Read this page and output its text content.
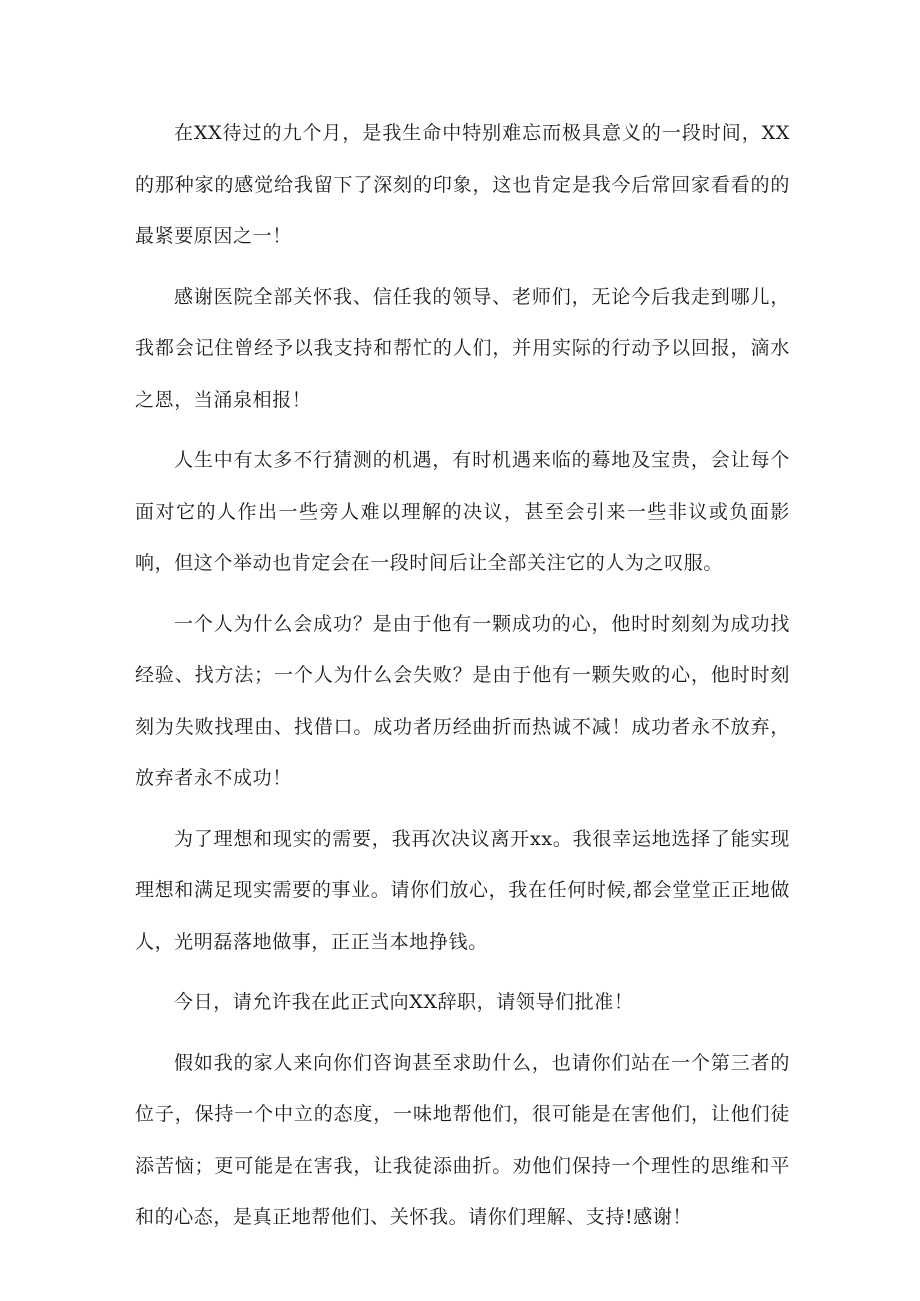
在XX待过的九个月，是我生命中特别难忘而极具意义的一段时间，XX的那种家的感觉给我留下了深刻的印象，这也肯定是我今后常回家看看的的最紧要原因之一！

感谢医院全部关怀我、信任我的领导、老师们，无论今后我走到哪儿，我都会记住曾经予以我支持和帮忙的人们，并用实际的行动予以回报，滴水之恩，当涌泉相报！

人生中有太多不行猜测的机遇，有时机遇来临的蓦地及宝贵，会让每个面对它的人作出一些旁人难以理解的决议，甚至会引来一些非议或负面影响，但这个举动也肯定会在一段时间后让全部关注它的人为之叹服。

一个人为什么会成功？是由于他有一颗成功的心，他时时刻刻为成功找经验、找方法；一个人为什么会失败？是由于他有一颗失败的心，他时时刻刻为失败找理由、找借口。成功者历经曲折而热诚不减！成功者永不放弃，放弃者永不成功！

为了理想和现实的需要，我再次决议离开xx。我很幸运地选择了能实现理想和满足现实需要的事业。请你们放心，我在任何时候,都会堂堂正正地做人，光明磊落地做事，正正当本地挣钱。

今日，请允许我在此正式向XX辞职，请领导们批准！

假如我的家人来向你们咨询甚至求助什么，也请你们站在一个第三者的位子，保持一个中立的态度，一味地帮他们，很可能是在害他们，让他们徒添苦恼；更可能是在害我，让我徒添曲折。劝他们保持一个理性的思维和平和的心态，是真正地帮他们、关怀我。请你们理解、支持!感谢！
